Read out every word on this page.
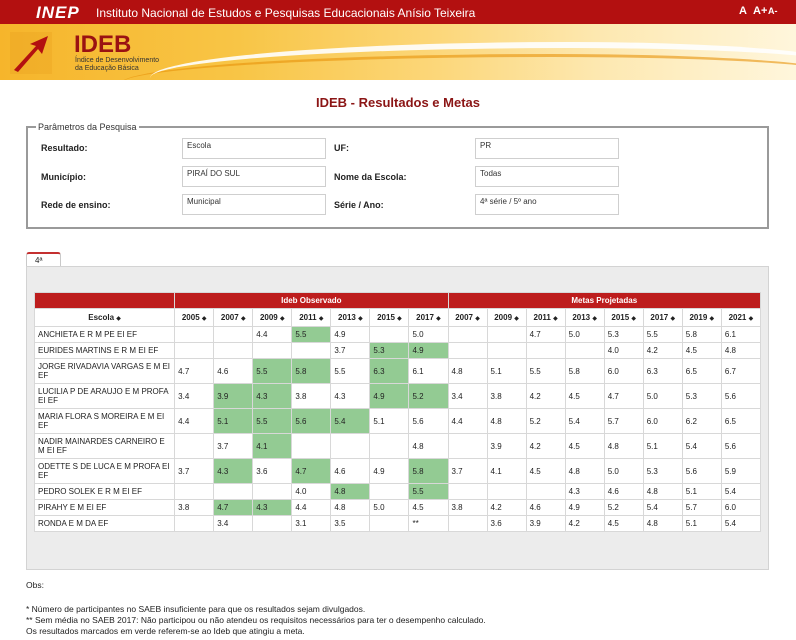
INEP Instituto Nacional de Estudos e Pesquisas Educacionais Anísio Teixeira	A A+ A-
IDEB
Índice de Desenvolvimento
da Educação Básica
IDEB - Resultados e Metas
Parâmetros da Pesquisa
Resultado:	Escola	UF:	PR
Município:	PIRAÍ DO SUL	Nome da Escola:	Todas
Rede de ensino:	Municipal	Série / Ano:	4ª série / 5º ano
4ª
	Ideb Observado							Metas Projetadas							
Escola ◆	2005 ◆	2007 ◆	2009 ◆	2011 ◆	2013 ◆	2015 ◆	2017 ◆	2007 ◆	2009 ◆	2011 ◆	2013 ◆	2015 ◆	2017 ◆	2019 ◆	2021 ◆
ANCHIETA E R M PE EI EF			4.4	5.5	4.9		5.0			4.7	5.0	5.3	5.5	5.8	6.1
EURIDES MARTINS E R M EI EF					3.7	5.3	4.9					4.0	4.2	4.5	4.8
JORGE RIVADAVIA VARGAS E M EI EF	4.7	4.6	5.5	5.8	5.5	6.3	6.1	4.8	5.1	5.5	5.8	6.0	6.3	6.5	6.7
LUCILIA P DE ARAUJO E M PROFA EI EF	3.4	3.9	4.3	3.8	4.3	4.9	5.2	3.4	3.8	4.2	4.5	4.7	5.0	5.3	5.6
MARIA FLORA S MOREIRA E M EI EF	4.4	5.1	5.5	5.6	5.4	5.1	5.6	4.4	4.8	5.2	5.4	5.7	6.0	6.2	6.5
NADIR MAINARDES CARNEIRO E M EI EF		3.7	4.1				4.8		3.9	4.2	4.5	4.8	5.1	5.4	5.6
ODETTE S DE LUCA E M PROFA EI EF	3.7	4.3	3.6	4.7	4.6	4.9	5.8	3.7	4.1	4.5	4.8	5.0	5.3	5.6	5.9
PEDRO SOLEK E R M EI EF				4.0	4.8		5.5				4.3	4.6	4.8	5.1	5.4
PIRAHY E M EI EF	3.8	4.7	4.3	4.4	4.8	5.0	4.5	3.8	4.2	4.6	4.9	5.2	5.4	5.7	6.0
RONDA E M DA EF		3.4		3.1	3.5		**		3.6	3.9	4.2	4.5	4.8	5.1	5.4
Obs:
* Número de participantes no SAEB insuficiente para que os resultados sejam divulgados.
** Sem média no SAEB 2017: Não participou ou não atendeu os requisitos necessários para ter o desempenho calculado.
Os resultados marcados em verde referem-se ao Ideb que atingiu a meta.
